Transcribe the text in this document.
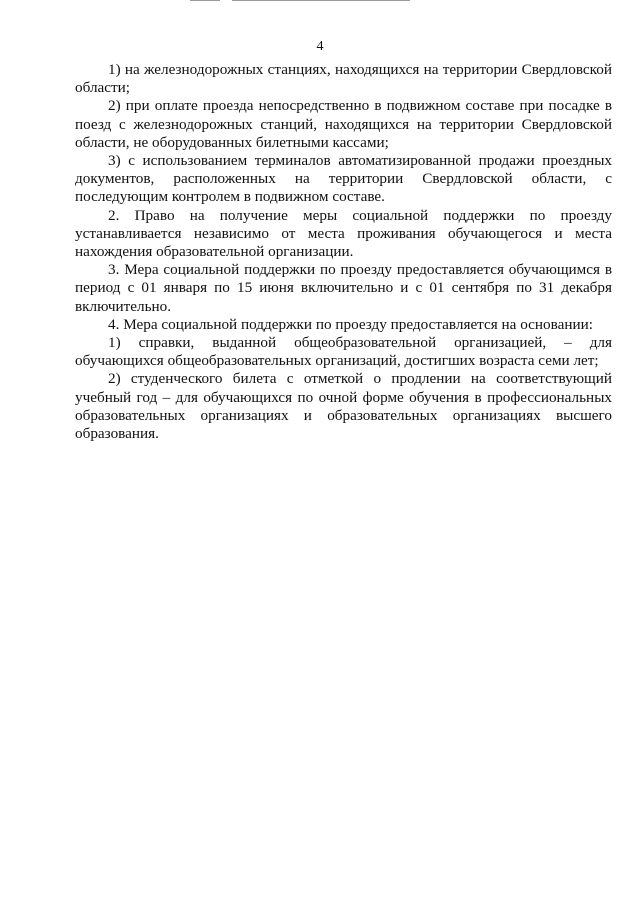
4

1) на железнодорожных станциях, находящихся на территории Свердловской области;

2) при оплате проезда непосредственно в подвижном составе при посадке в поезд с железнодорожных станций, находящихся на территории Свердловской области, не оборудованных билетными кассами;

3) с использованием терминалов автоматизированной продажи проездных документов, расположенных на территории Свердловской области, с последующим контролем в подвижном составе.

2. Право на получение меры социальной поддержки по проезду устанавливается независимо от места проживания обучающегося и места нахождения образовательной организации.

3. Мера социальной поддержки по проезду предоставляется обучающимся в период с 01 января по 15 июня включительно и с 01 сентября по 31 декабря включительно.

4. Мера социальной поддержки по проезду предоставляется на основании:

1) справки, выданной общеобразовательной организацией, – для обучающихся общеобразовательных организаций, достигших возраста семи лет;

2) студенческого билета с отметкой о продлении на соответствующий учебный год – для обучающихся по очной форме обучения в профессиональных образовательных организациях и образовательных организациях высшего образования.
